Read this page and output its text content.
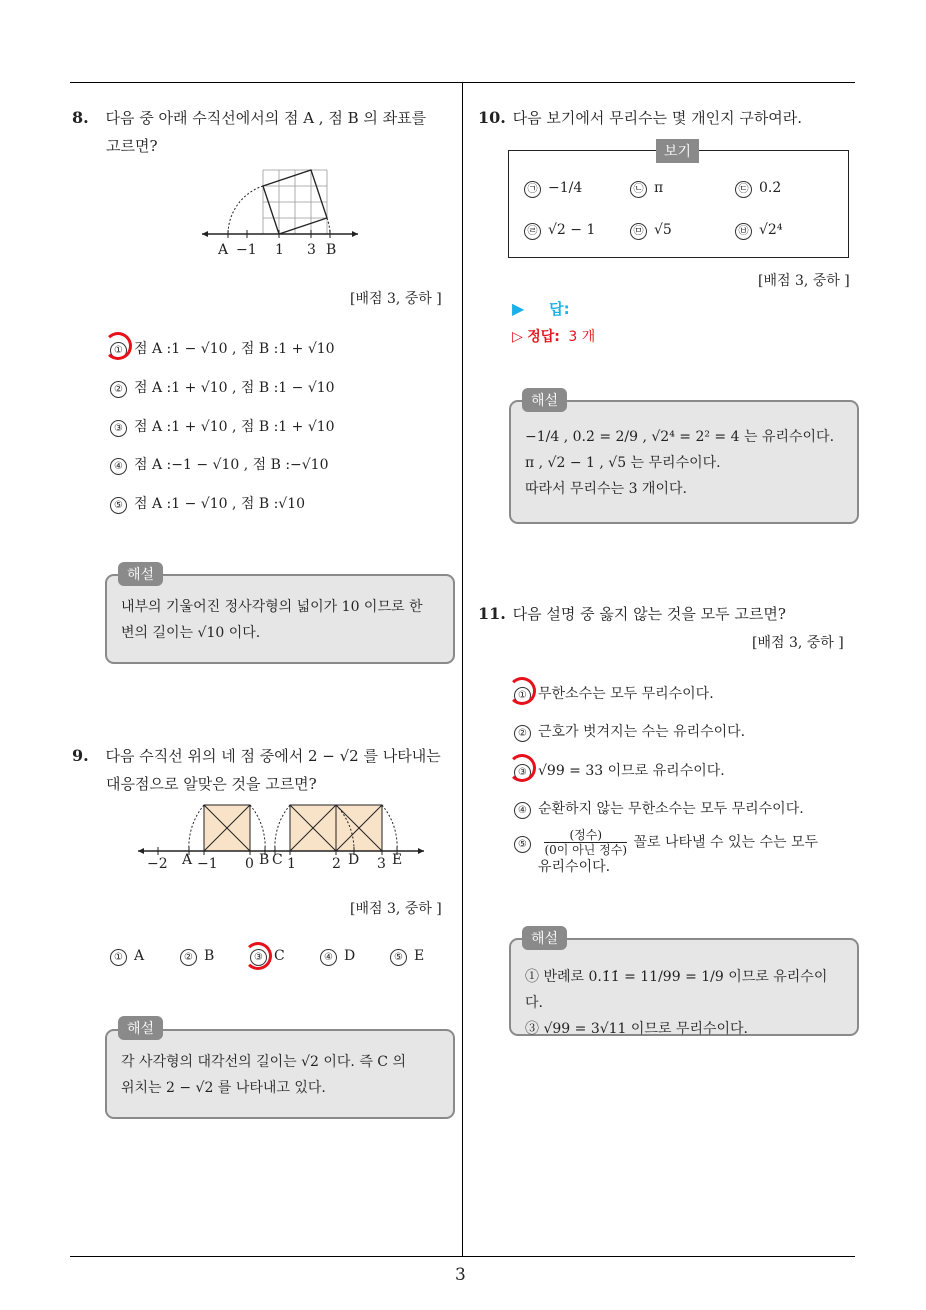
3
8. 다음 중 아래 수직선에서의 점 A , 점 B 의 좌표를
고르면?
A −1 1 3 B
[배점 3, 중하 ]
① 점 A :1 − √10 , 점 B :1 + √10
② 점 A :1 + √10 , 점 B :1 − √10
③ 점 A :1 + √10 , 점 B :1 + √10
④ 점 A :−1 − √10 , 점 B :−√10
⑤ 점 A :1 − √10 , 점 B :√10
내부의 기울어진 정사각형의 넓이가 10 이므로 한
변의 길이는 √10 이다.
해설
9. 다음 수직선 위의 네 점 중에서 2 − √2 를 나타내는
대응점으로 알맞은 것을 고르면?
−2 A −1 0 B C 1	2 D 3 E
[배점 3, 중하 ]
① A	② B	③ C	④ D	⑤ E
각 사각형의 대각선의 길이는 √2 이다. 즉 C 의
위치는 2 − √2 를 나타내고 있다.
해설
10. 다음 보기에서 무리수는 몇 개인지 구하여라.
보기
㉠ −1/4	㉡ π	㉢ 0.2̇
㉣ √2 − 1	㉤ √5	㉥ √2⁴
[배점 3, 중하 ]
▶ 답:
▷ 정답: 3 개
−1/4 , 0.2̇ = 2/9 , √2⁴ = 2² = 4 는 유리수이다.
π , √2 − 1 , √5 는 무리수이다.
따라서 무리수는 3 개이다.
해설
11. 다음 설명 중 옳지 않는 것을 모두 고르면?
[배점 3, 중하 ]
① 무한소수는 모두 무리수이다.
② 근호가 벗겨지는 수는 유리수이다.
③ √99 = 33 이므로 유리수이다.
④ 순환하지 않는 무한소수는 모두 무리수이다.
⑤ $\frac{\text{(정수)}}{\text{(0이 아닌 정수)}}$ 꼴로 나타낼 수 있는 수는 모두
유리수이다.
① 반례로 0.1̇1̇ = 11/99 = 1/9 이므로 유리수이다.
③ √99 = 3√11 이므로 무리수이다.
해설
